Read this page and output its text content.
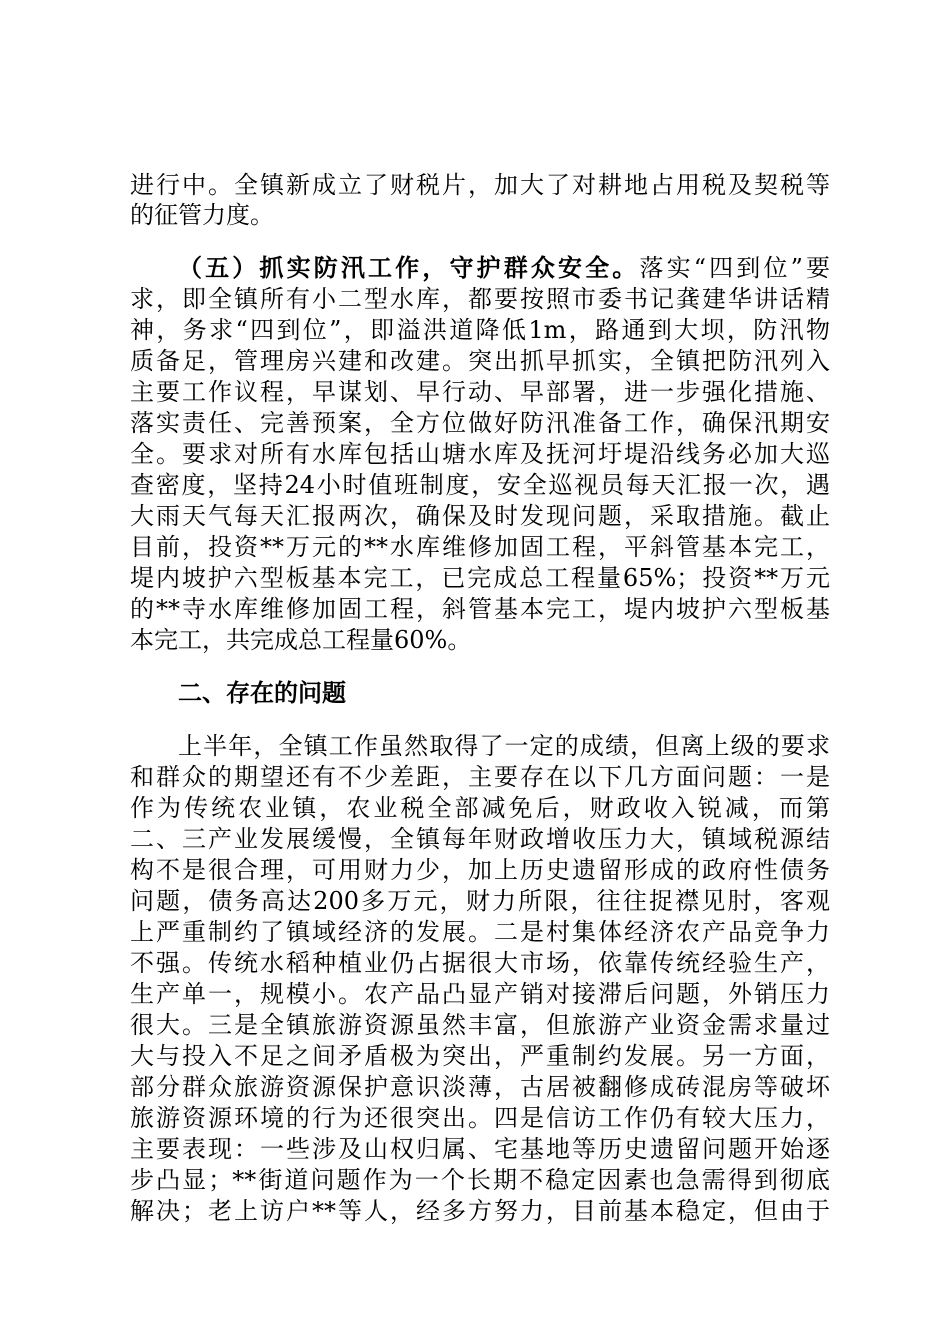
进行中。全镇新成立了财税片，加大了对耕地占用税及契税等
的征管力度。
（五）抓实防汛工作，守护群众安全。落实“四到位”要
求，即全镇所有小二型水库，都要按照市委书记龚建华讲话精
神，务求“四到位”，即溢洪道降低1m，路通到大坝，防汛物
质备足，管理房兴建和改建。突出抓早抓实，全镇把防汛列入
主要工作议程，早谋划、早行动、早部署，进一步强化措施、
落实责任、完善预案，全方位做好防汛准备工作，确保汛期安
全。要求对所有水库包括山塘水库及抚河圩堤沿线务必加大巡
查密度，坚持24小时值班制度，安全巡视员每天汇报一次，遇
大雨天气每天汇报两次，确保及时发现问题，采取措施。截止
目前，投资**万元的**水库维修加固工程，平斜管基本完工，
堤内坡护六型板基本完工，已完成总工程量65%；投资**万元
的**寺水库维修加固工程，斜管基本完工，堤内坡护六型板基
本完工，共完成总工程量60%。
二、存在的问题
上半年，全镇工作虽然取得了一定的成绩，但离上级的要求
和群众的期望还有不少差距，主要存在以下几方面问题：一是
作为传统农业镇，农业税全部减免后，财政收入锐减，而第
二、三产业发展缓慢，全镇每年财政增收压力大，镇域税源结
构不是很合理，可用财力少，加上历史遗留形成的政府性债务
问题，债务高达200多万元，财力所限，往往捉襟见肘，客观
上严重制约了镇域经济的发展。二是村集体经济农产品竞争力
不强。传统水稻种植业仍占据很大市场，依靠传统经验生产，
生产单一，规模小。农产品凸显产销对接滞后问题，外销压力
很大。三是全镇旅游资源虽然丰富，但旅游产业资金需求量过
大与投入不足之间矛盾极为突出，严重制约发展。另一方面，
部分群众旅游资源保护意识淡薄，古居被翻修成砖混房等破坏
旅游资源环境的行为还很突出。四是信访工作仍有较大压力，
主要表现：一些涉及山权归属、宅基地等历史遗留问题开始逐
步凸显；**街道问题作为一个长期不稳定因素也急需得到彻底
解决；老上访户**等人，经多方努力，目前基本稳定，但由于
